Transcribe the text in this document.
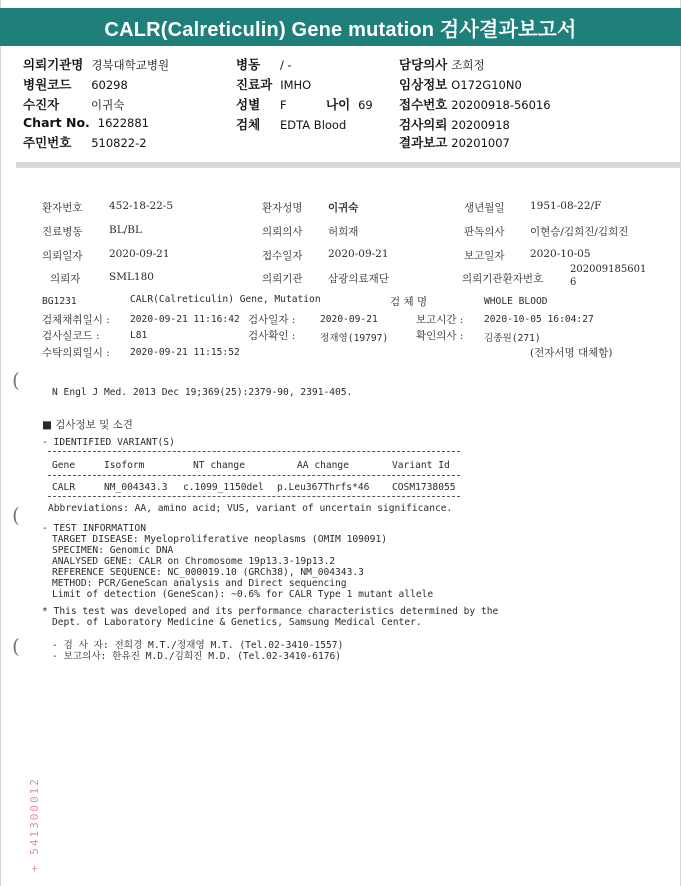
CALR(Calreticulin) Gene mutation 검사결과보고서
의뢰기관명 경북대학교병원	병동 / -	담당의사 조희정
병원코드 60298	진료과 IMHO	임상정보 O172G10N0
수진자	이귀숙	성별 F	나이 69 접수번호 20200918-56016
Chart No. 1622881	검체 EDTA Blood	검사의뢰 20200918
주민번호 510822-2	결과보고 20201007
환자번호	452-18-22-5	환자성명 이귀숙	생년월일 1951-08-22/F
진료병동	BL/BL	의뢰의사 허희재	판독의사 이현승/김희진/김희진
의뢰일자	2020-09-21	접수일자 2020-09-21	보고일자 2020-10-05
의뢰자	SML180	의뢰기관 삼광의료재단	의뢰기관환자번호
202009185601
6
BG1231	CALR(Calreticulin) Gene, Mutation	검 체 명	WHOLE BLOOD
검체채취일시 : 2020-09-21 11:16:42 검사일자 :	2020-09-21	보고시간 : 2020-10-05 16:04:27
검사실코드 :	L81	검사확인 :	정재영(19797)	확인의사 : 김종원(271)
수탁의뢰일시 : 2020-09-21 11:15:52	(전자서명 대체함)
(
N Engl J Med. 2013 Dec 19;369(25):2379-90, 2391-405.
■ 검사정보 및 소견
- IDENTIFIED VARIANT(S)
Gene	Isoform	NT change	AA change	Variant Id
CALR	NM_004343.3 c.1099_1150del p.Leu367Thrfs*46 COSM1738055
Abbreviations: AA, amino acid; VUS, variant of uncertain significance.
(
- TEST INFORMATION
TARGET DISEASE: Myeloproliferative neoplasms (OMIM 109091)
SPECIMEN: Genomic DNA
ANALYSED GENE: CALR on Chromosome 19p13.3-19p13.2
REFERENCE SEQUENCE: NC_000019.10 (GRCh38), NM_004343.3
METHOD: PCR/GeneScan analysis and Direct sequencing
Limit of detection (GeneScan): ~0.6% for CALR Type 1 mutant allele
* This test was developed and its performance characteristics determined by the
Dept. of Laboratory Medicine & Genetics, Samsung Medical Center.
(	- 검 사 자: 전희경 M.T./정재영 M.T. (Tel.02-3410-1557)
- 보고의사: 한유진 M.D./김희진 M.D. (Tel.02-3410-6176)
+ 541300012
